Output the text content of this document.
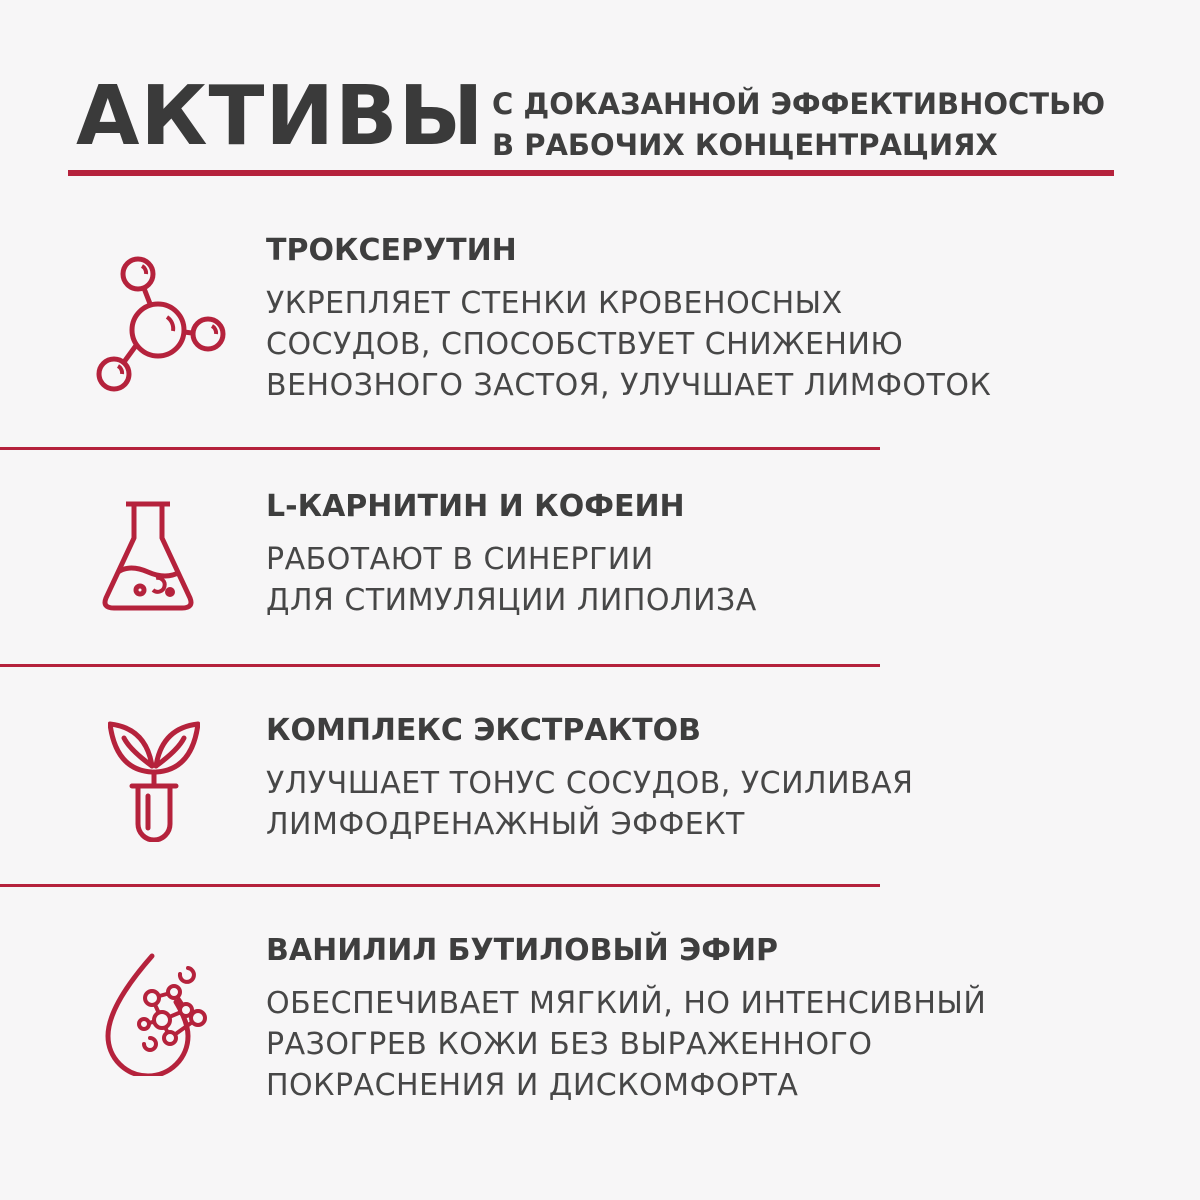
АКТИВЫ С ДОКАЗАННОЙ ЭФФЕКТИВНОСТЬЮ
В РАБОЧИХ КОНЦЕНТРАЦИЯХ
ТРОКСЕРУТИН
УКРЕПЛЯЕТ СТЕНКИ КРОВЕНОСНЫХ
СОСУДОВ, СПОСОБСТВУЕТ СНИЖЕНИЮ
ВЕНОЗНОГО ЗАСТОЯ, УЛУЧШАЕТ ЛИМФОТОК
L-КАРНИТИН И КОФЕИН
РАБОТАЮТ В СИНЕРГИИ
ДЛЯ СТИМУЛЯЦИИ ЛИПОЛИЗА
КОМПЛЕКС ЭКСТРАКТОВ
УЛУЧШАЕТ ТОНУС СОСУДОВ, УСИЛИВАЯ
ЛИМФОДРЕНАЖНЫЙ ЭФФЕКТ
ВАНИЛИЛ БУТИЛОВЫЙ ЭФИР
ОБЕСПЕЧИВАЕТ МЯГКИЙ, НО ИНТЕНСИВНЫЙ
РАЗОГРЕВ КОЖИ БЕЗ ВЫРАЖЕННОГО
ПОКРАСНЕНИЯ И ДИСКОМФОРТА
